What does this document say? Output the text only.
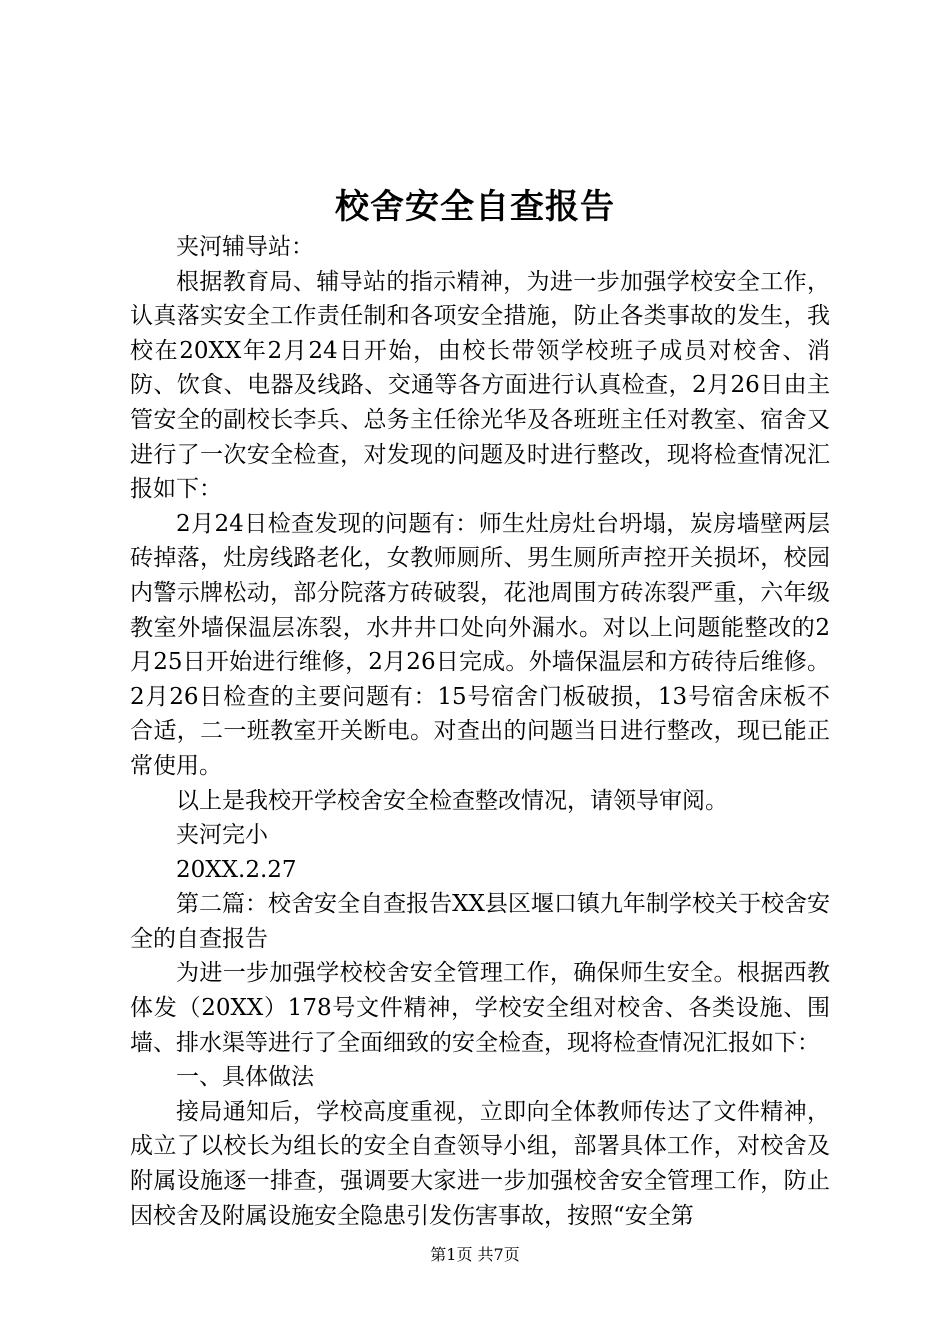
校舍安全自查报告

夹河辅导站：

根据教育局、辅导站的指示精神，为进一步加强学校安全工作，认真落实安全工作责任制和各项安全措施，防止各类事故的发生，我校在20XX年2月24日开始，由校长带领学校班子成员对校舍、消防、饮食、电器及线路、交通等各方面进行认真检查，2月26日由主管安全的副校长李兵、总务主任徐光华及各班班主任对教室、宿舍又进行了一次安全检查，对发现的问题及时进行整改，现将检查情况汇报如下：

2月24日检查发现的问题有：师生灶房灶台坍塌，炭房墙壁两层砖掉落，灶房线路老化，女教师厕所、男生厕所声控开关损坏，校园内警示牌松动，部分院落方砖破裂，花池周围方砖冻裂严重，六年级教室外墙保温层冻裂，水井井口处向外漏水。对以上问题能整改的2月25日开始进行维修，2月26日完成。外墙保温层和方砖待后维修。2月26日检查的主要问题有：15号宿舍门板破损，13号宿舍床板不合适，二一班教室开关断电。对查出的问题当日进行整改，现已能正常使用。

以上是我校开学校舍安全检查整改情况，请领导审阅。

夹河完小

20XX.2.27

第二篇：校舍安全自查报告XX县区堰口镇九年制学校关于校舍安全的自查报告

为进一步加强学校校舍安全管理工作，确保师生安全。根据西教体发（20XX）178号文件精神，学校安全组对校舍、各类设施、围墙、排水渠等进行了全面细致的安全检查，现将检查情况汇报如下：

一、具体做法

接局通知后，学校高度重视，立即向全体教师传达了文件精神，成立了以校长为组长的安全自查领导小组，部署具体工作，对校舍及附属设施逐一排查，强调要大家进一步加强校舍安全管理工作，防止因校舍及附属设施安全隐患引发伤害事故，按照“安全第

第1页 共7页
